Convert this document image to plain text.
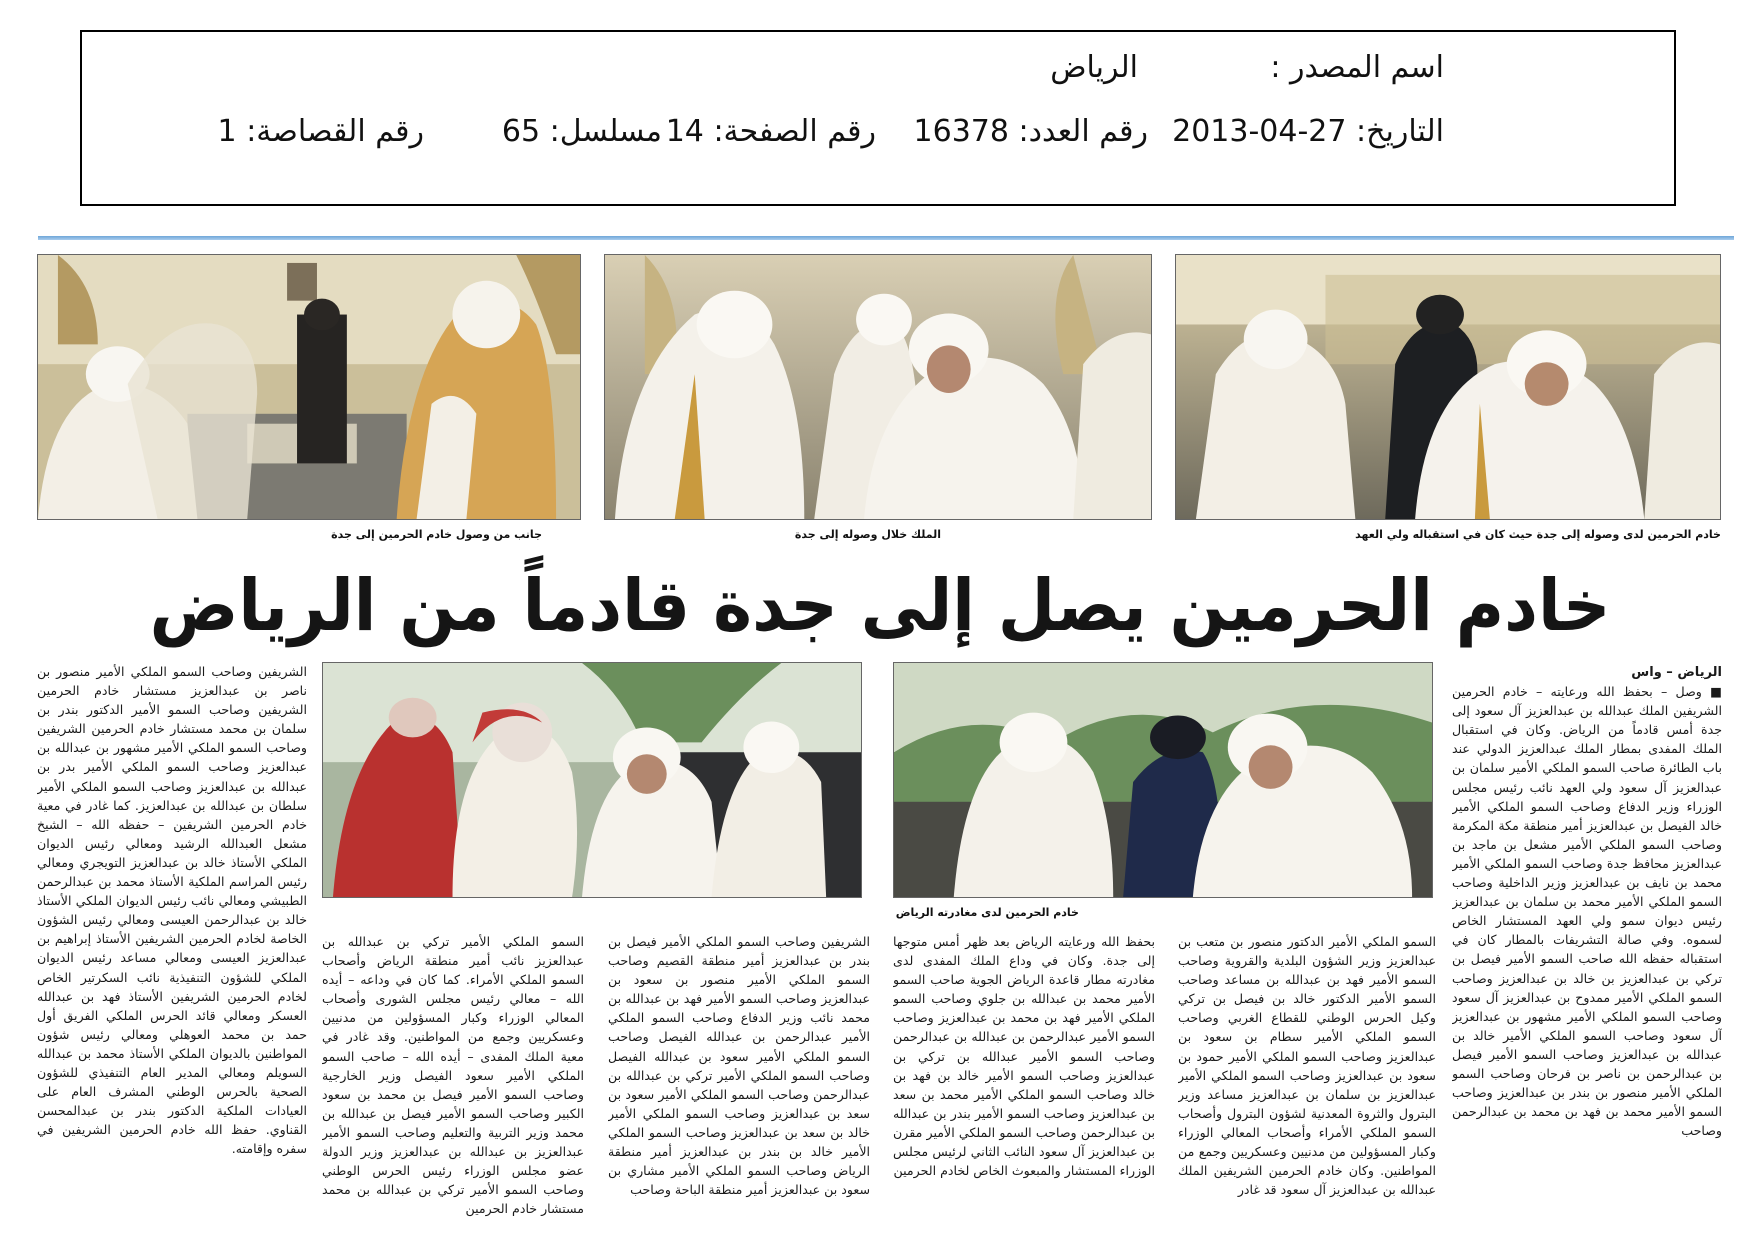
اسم المصدر :
الرياض
التاريخ: 2013-04-27
رقم العدد: 16378
رقم الصفحة: 14
مسلسل: 65
رقم القصاصة: 1
خادم الحرمين لدى وصوله إلى جدة حيث كان في استقباله ولي العهد
الملك خلال وصوله إلى جدة
جانب من وصول خادم الحرمين إلى جدة
خادم الحرمين يصل إلى جدة قادماً من الرياض
خادم الحرمين لدى مغادرته الرياض

الرياض – واس

■ وصل – بحفظ الله ورعايته – خادم الحرمين الشريفين الملك عبدالله بن عبدالعزيز آل سعود إلى جدة أمس قادماً من الرياض. وكان في استقبال الملك المفدى بمطار الملك عبدالعزيز الدولي عند باب الطائرة صاحب السمو الملكي الأمير سلمان بن عبدالعزيز آل سعود ولي العهد نائب رئيس مجلس الوزراء وزير الدفاع وصاحب السمو الملكي الأمير خالد الفيصل بن عبدالعزيز أمير منطقة مكة المكرمة وصاحب السمو الملكي الأمير مشعل بن ماجد بن عبدالعزيز محافظ جدة وصاحب السمو الملكي الأمير محمد بن نايف بن عبدالعزيز وزير الداخلية وصاحب السمو الملكي الأمير محمد بن سلمان بن عبدالعزيز رئيس ديوان سمو ولي العهد المستشار الخاص لسموه. وفي صالة التشريفات بالمطار كان في استقباله حفظه الله صاحب السمو الأمير فيصل بن تركي بن عبدالعزيز بن خالد بن عبدالعزيز وصاحب السمو الملكي الأمير ممدوح بن عبدالعزيز آل سعود وصاحب السمو الملكي الأمير مشهور بن عبدالعزيز آل سعود وصاحب السمو الملكي الأمير خالد بن عبدالله بن عبدالعزيز وصاحب السمو الأمير فيصل بن عبدالرحمن بن ناصر بن فرحان وصاحب السمو الملكي الأمير منصور بن بندر بن عبدالعزيز وصاحب السمو الأمير محمد بن فهد بن محمد بن عبدالرحمن وصاحب

السمو الملكي الأمير الدكتور منصور بن متعب بن عبدالعزيز وزير الشؤون البلدية والقروية وصاحب السمو الأمير فهد بن عبدالله بن مساعد وصاحب السمو الأمير الدكتور خالد بن فيصل بن تركي وكيل الحرس الوطني للقطاع الغربي وصاحب السمو الملكي الأمير سطام بن سعود بن عبدالعزيز وصاحب السمو الملكي الأمير حمود بن سعود بن عبدالعزيز وصاحب السمو الملكي الأمير عبدالعزيز بن سلمان بن عبدالعزيز مساعد وزير البترول والثروة المعدنية لشؤون البترول وأصحاب السمو الملكي الأمراء وأصحاب المعالي الوزراء وكبار المسؤولين من مدنيين وعسكريين وجمع من المواطنين. وكان خادم الحرمين الشريفين الملك عبدالله بن عبدالعزيز آل سعود قد غادر

بحفظ الله ورعايته الرياض بعد ظهر أمس متوجها إلى جدة. وكان في وداع الملك المفدى لدى مغادرته مطار قاعدة الرياض الجوية صاحب السمو الأمير محمد بن عبدالله بن جلوي وصاحب السمو الملكي الأمير فهد بن محمد بن عبدالعزيز وصاحب السمو الأمير عبدالرحمن بن عبدالله بن عبدالرحمن وصاحب السمو الأمير عبدالله بن تركي بن عبدالعزيز وصاحب السمو الأمير خالد بن فهد بن خالد وصاحب السمو الملكي الأمير محمد بن سعد بن عبدالعزيز وصاحب السمو الأمير بندر بن عبدالله بن عبدالرحمن وصاحب السمو الملكي الأمير مقرن بن عبدالعزيز آل سعود النائب الثاني لرئيس مجلس الوزراء المستشار والمبعوث الخاص لخادم الحرمين

الشريفين وصاحب السمو الملكي الأمير فيصل بن بندر بن عبدالعزيز أمير منطقة القصيم وصاحب السمو الملكي الأمير منصور بن سعود بن عبدالعزيز وصاحب السمو الأمير فهد بن عبدالله بن محمد نائب وزير الدفاع وصاحب السمو الملكي الأمير عبدالرحمن بن عبدالله الفيصل وصاحب السمو الملكي الأمير سعود بن عبدالله الفيصل وصاحب السمو الملكي الأمير تركي بن عبدالله بن عبدالرحمن وصاحب السمو الملكي الأمير سعود بن سعد بن عبدالعزيز وصاحب السمو الملكي الأمير خالد بن سعد بن عبدالعزيز وصاحب السمو الملكي الأمير خالد بن بندر بن عبدالعزيز أمير منطقة الرياض وصاحب السمو الملكي الأمير مشاري بن سعود بن عبدالعزيز أمير منطقة الباحة وصاحب

السمو الملكي الأمير تركي بن عبدالله بن عبدالعزيز نائب أمير منطقة الرياض وأصحاب السمو الملكي الأمراء. كما كان في وداعه – أيده الله – معالي رئيس مجلس الشورى وأصحاب المعالي الوزراء وكبار المسؤولين من مدنيين وعسكريين وجمع من المواطنين. وقد غادر في معية الملك المفدى – أيده الله – صاحب السمو الملكي الأمير سعود الفيصل وزير الخارجية وصاحب السمو الأمير فيصل بن محمد بن سعود الكبير وصاحب السمو الأمير فيصل بن عبدالله بن محمد وزير التربية والتعليم وصاحب السمو الأمير عبدالعزيز بن عبدالله بن عبدالعزيز وزير الدولة عضو مجلس الوزراء رئيس الحرس الوطني وصاحب السمو الأمير تركي بن عبدالله بن محمد مستشار خادم الحرمين

الشريفين وصاحب السمو الملكي الأمير منصور بن ناصر بن عبدالعزيز مستشار خادم الحرمين الشريفين وصاحب السمو الأمير الدكتور بندر بن سلمان بن محمد مستشار خادم الحرمين الشريفين وصاحب السمو الملكي الأمير مشهور بن عبدالله بن عبدالعزيز وصاحب السمو الملكي الأمير بدر بن عبدالله بن عبدالعزيز وصاحب السمو الملكي الأمير سلطان بن عبدالله بن عبدالعزيز. كما غادر في معية خادم الحرمين الشريفين – حفظه الله – الشيخ مشعل العبدالله الرشيد ومعالي رئيس الديوان الملكي الأستاذ خالد بن عبدالعزيز التويجري ومعالي رئيس المراسم الملكية الأستاذ محمد بن عبدالرحمن الطبيشي ومعالي نائب رئيس الديوان الملكي الأستاذ خالد بن عبدالرحمن العيسى ومعالي رئيس الشؤون الخاصة لخادم الحرمين الشريفين الأستاذ إبراهيم بن عبدالعزيز العيسى ومعالي مساعد رئيس الديوان الملكي للشؤون التنفيذية نائب السكرتير الخاص لخادم الحرمين الشريفين الأستاذ فهد بن عبدالله العسكر ومعالي قائد الحرس الملكي الفريق أول حمد بن محمد العوهلي ومعالي رئيس شؤون المواطنين بالديوان الملكي الأستاذ محمد بن عبدالله السويلم ومعالي المدير العام التنفيذي للشؤون الصحية بالحرس الوطني المشرف العام على العيادات الملكية الدكتور بندر بن عبدالمحسن القناوي. حفظ الله خادم الحرمين الشريفين في سفره وإقامته.
